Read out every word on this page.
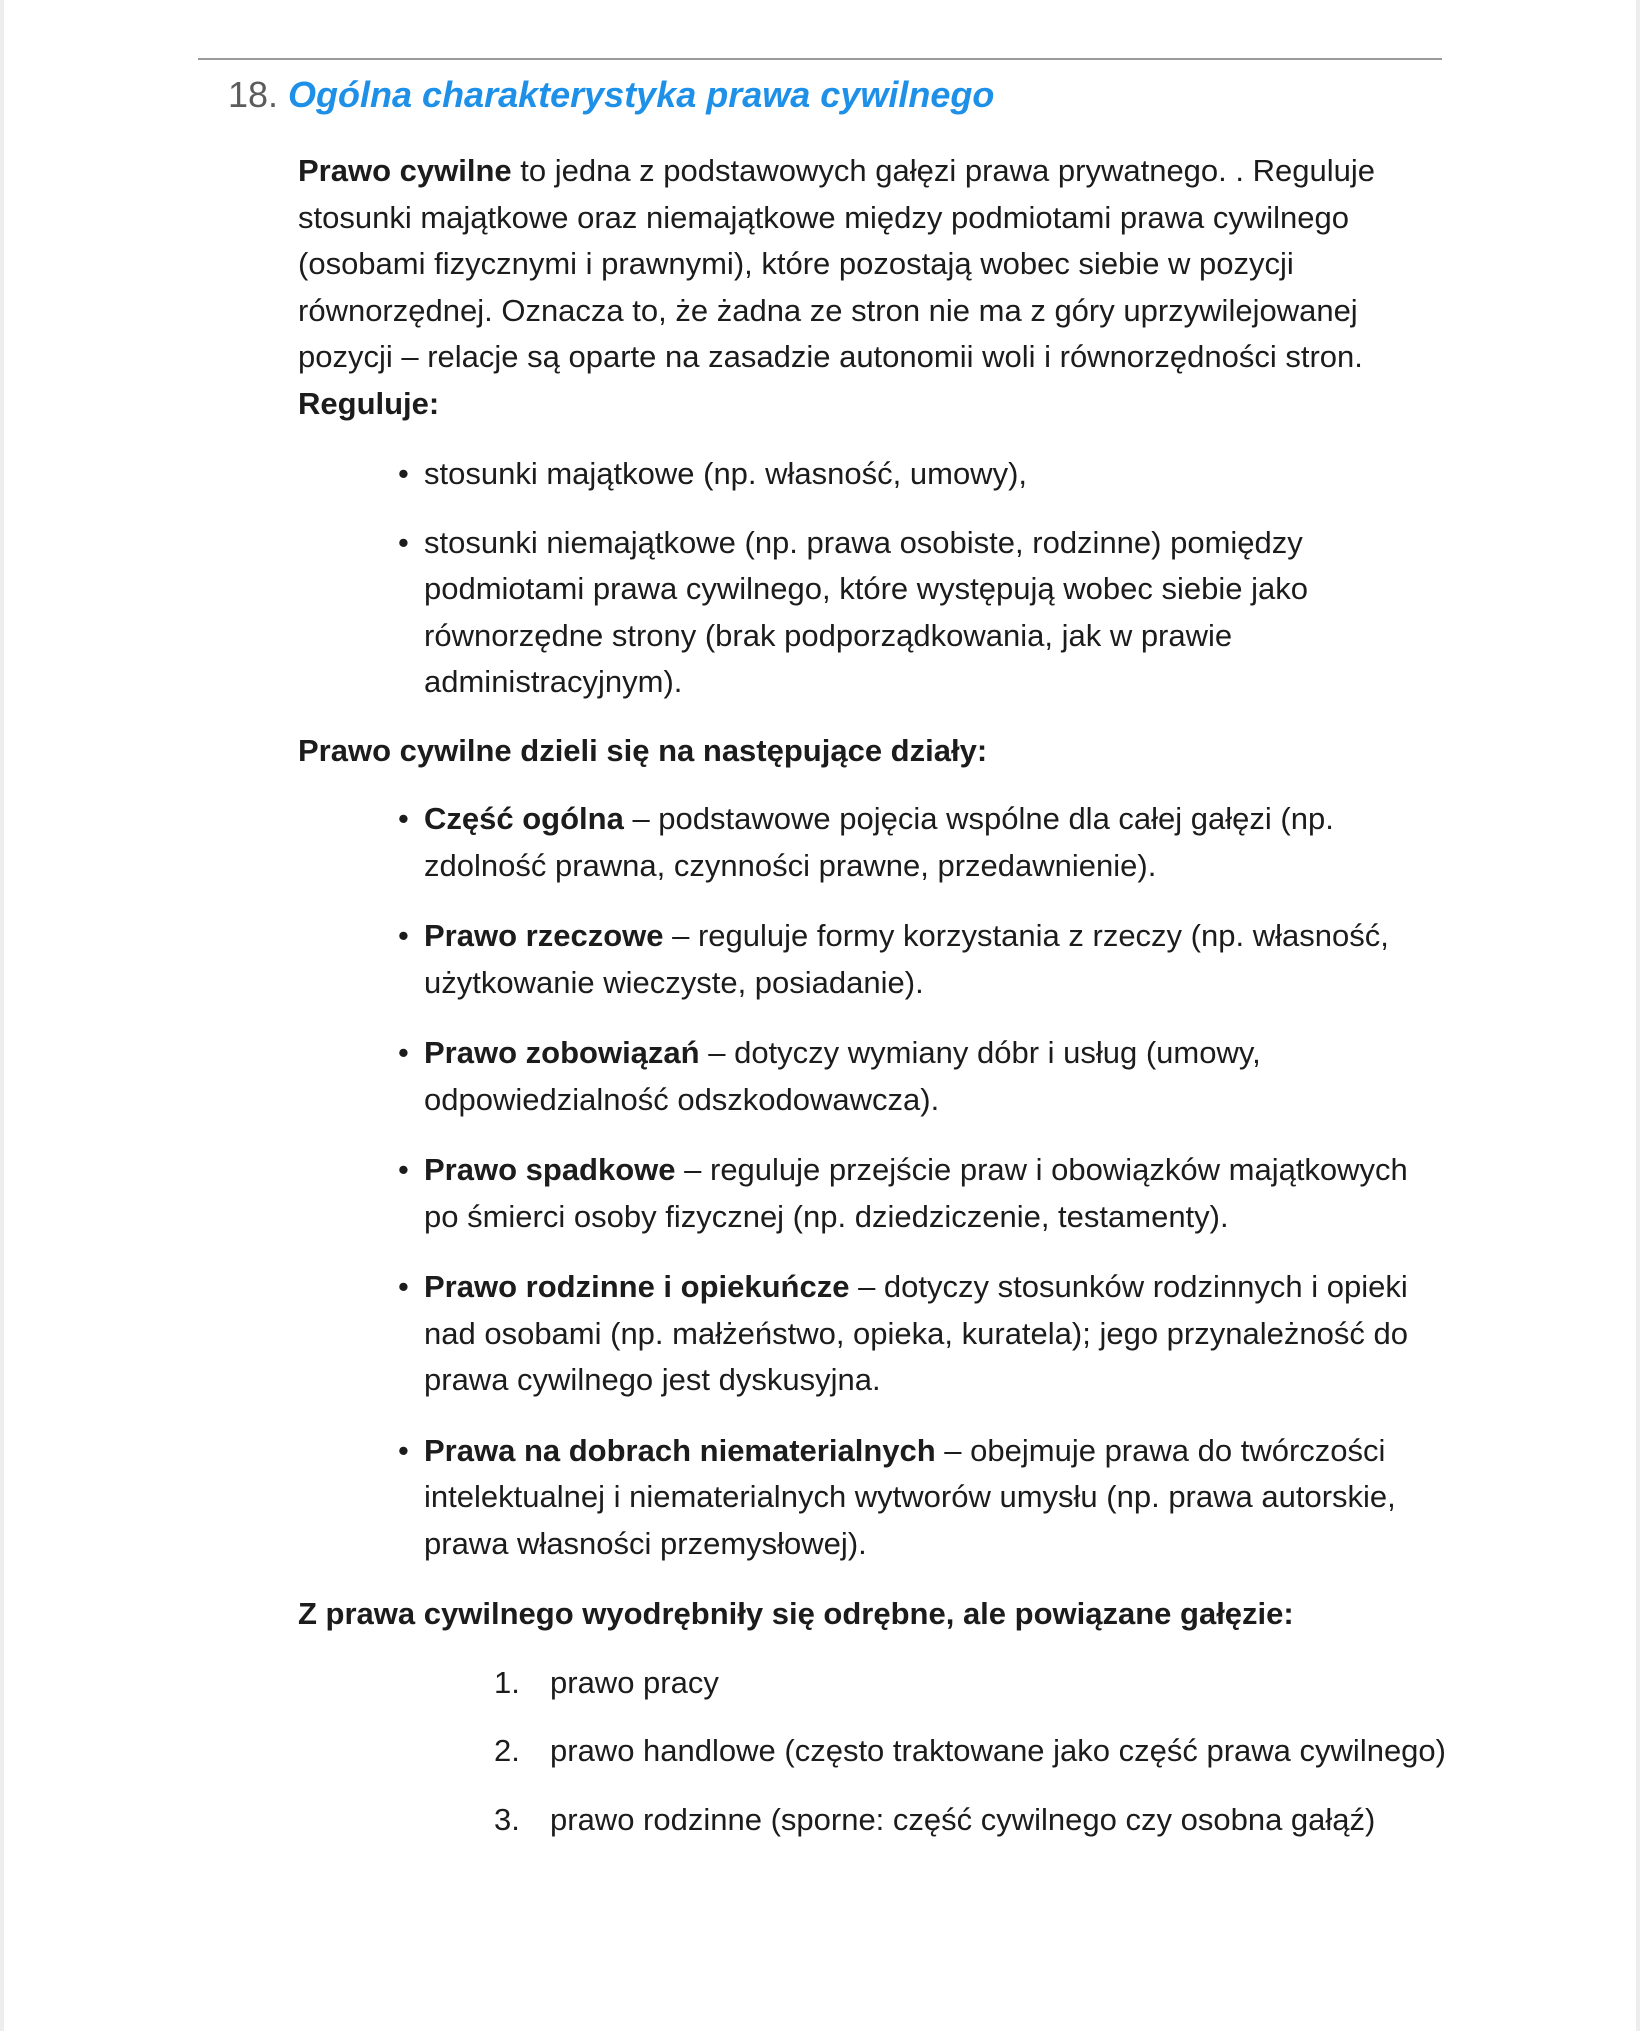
18. Ogólna charakterystyka prawa cywilnego

Prawo cywilne to jedna z podstawowych gałęzi prawa prywatnego. . Reguluje stosunki majątkowe oraz niemajątkowe między podmiotami prawa cywilnego (osobami fizycznymi i prawnymi), które pozostają wobec siebie w pozycji równorzędnej. Oznacza to, że żadna ze stron nie ma z góry uprzywilejowanej pozycji – relacje są oparte na zasadzie autonomii woli i równorzędności stron. Reguluje:

• stosunki majątkowe (np. własność, umowy),
• stosunki niemajątkowe (np. prawa osobiste, rodzinne) pomiędzy podmiotami prawa cywilnego, które występują wobec siebie jako równorzędne strony (brak podporządkowania, jak w prawie administracyjnym).

Prawo cywilne dzieli się na następujące działy:

• Część ogólna – podstawowe pojęcia wspólne dla całej gałęzi (np. zdolność prawna, czynności prawne, przedawnienie).
• Prawo rzeczowe – reguluje formy korzystania z rzeczy (np. własność, użytkowanie wieczyste, posiadanie).
• Prawo zobowiązań – dotyczy wymiany dóbr i usług (umowy, odpowiedzialność odszkodowawcza).
• Prawo spadkowe – reguluje przejście praw i obowiązków majątkowych po śmierci osoby fizycznej (np. dziedziczenie, testamenty).
• Prawo rodzinne i opiekuńcze – dotyczy stosunków rodzinnych i opieki nad osobami (np. małżeństwo, opieka, kuratela); jego przynależność do prawa cywilnego jest dyskusyjna.
• Prawa na dobrach niematerialnych – obejmuje prawa do twórczości intelektualnej i niematerialnych wytworów umysłu (np. prawa autorskie, prawa własności przemysłowej).

Z prawa cywilnego wyodrębniły się odrębne, ale powiązane gałęzie:

1. prawo pracy
2. prawo handlowe (często traktowane jako część prawa cywilnego)
3. prawo rodzinne (sporne: część cywilnego czy osobna gałąź)
